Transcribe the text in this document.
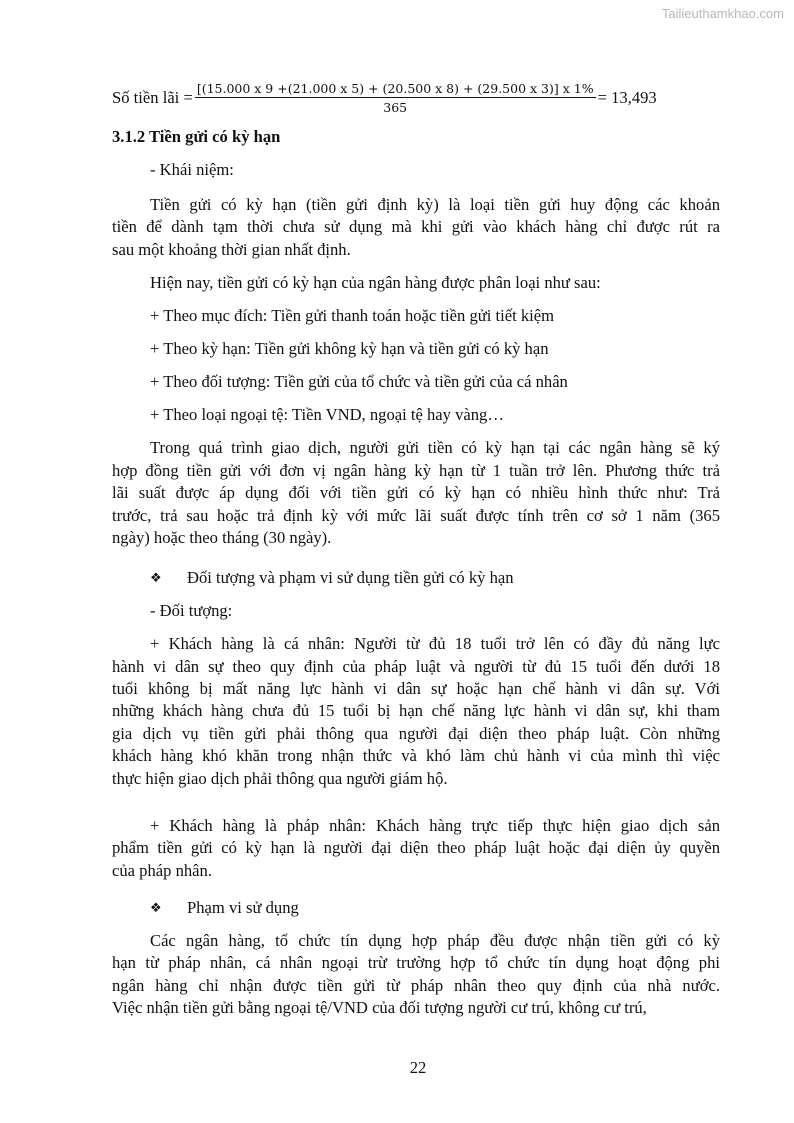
Tailieuthamkhao.com
Số tiền lãi = [(15.000 x 9 +(21.000 x 5) + (20.500 x 8) + (29.500 x 3)] x 1%
365
= 13,493
3.1.2 Tiền gửi có kỳ hạn
- Khái niệm:
Tiền gửi có kỳ hạn (tiền gửi định kỳ) là loại tiền gửi huy động các khoản
tiền để dành tạm thời chưa sử dụng mà khi gửi vào khách hàng chỉ được rút ra
sau một khoảng thời gian nhất định.
Hiện nay, tiền gửi có kỳ hạn của ngân hàng được phân loại như sau:
+ Theo mục đích: Tiền gửi thanh toán hoặc tiền gửi tiết kiệm
+ Theo kỳ hạn: Tiền gửi không kỳ hạn và tiền gửi có kỳ hạn
+ Theo đối tượng: Tiền gửi của tổ chức và tiền gửi của cá nhân
+ Theo loại ngoại tệ: Tiền VND, ngoại tệ hay vàng…
Trong quá trình giao dịch, người gửi tiền có kỳ hạn tại các ngân hàng sẽ ký
hợp đồng tiền gửi với đơn vị ngân hàng kỳ hạn từ 1 tuần trở lên. Phương thức trả
lãi suất được áp dụng đối với tiền gửi có kỳ hạn có nhiều hình thức như: Trả
trước, trả sau hoặc trả định kỳ với mức lãi suất được tính trên cơ sở 1 năm (365
ngày) hoặc theo tháng (30 ngày).
❖	Đối tượng và phạm vi sử dụng tiền gửi có kỳ hạn
- Đối tượng:
+ Khách hàng là cá nhân: Người từ đủ 18 tuổi trở lên có đầy đủ năng lực
hành vi dân sự theo quy định của pháp luật và người từ đủ 15 tuổi đến dưới 18
tuổi không bị mất năng lực hành vi dân sự hoặc hạn chế hành vi dân sự. Với
những khách hàng chưa đủ 15 tuổi bị hạn chế năng lực hành vi dân sự, khi tham
gia dịch vụ tiền gửi phải thông qua người đại diện theo pháp luật. Còn những
khách hàng khó khăn trong nhận thức và khó làm chủ hành vi của mình thì việc
thực hiện giao dịch phải thông qua người giám hộ.
+ Khách hàng là pháp nhân: Khách hàng trực tiếp thực hiện giao dịch sản
phẩm tiền gửi có kỳ hạn là người đại diện theo pháp luật hoặc đại diện ủy quyền
của pháp nhân.
❖	Phạm vi sử dụng
Các ngân hàng, tổ chức tín dụng hợp pháp đều được nhận tiền gửi có kỳ
hạn từ pháp nhân, cá nhân ngoại trừ trường hợp tổ chức tín dụng hoạt động phi
ngân hàng chỉ nhận được tiền gửi từ pháp nhân theo quy định của nhà nước.
Việc nhận tiền gửi bằng ngoại tệ/VND của đối tượng người cư trú, không cư trú,
22
